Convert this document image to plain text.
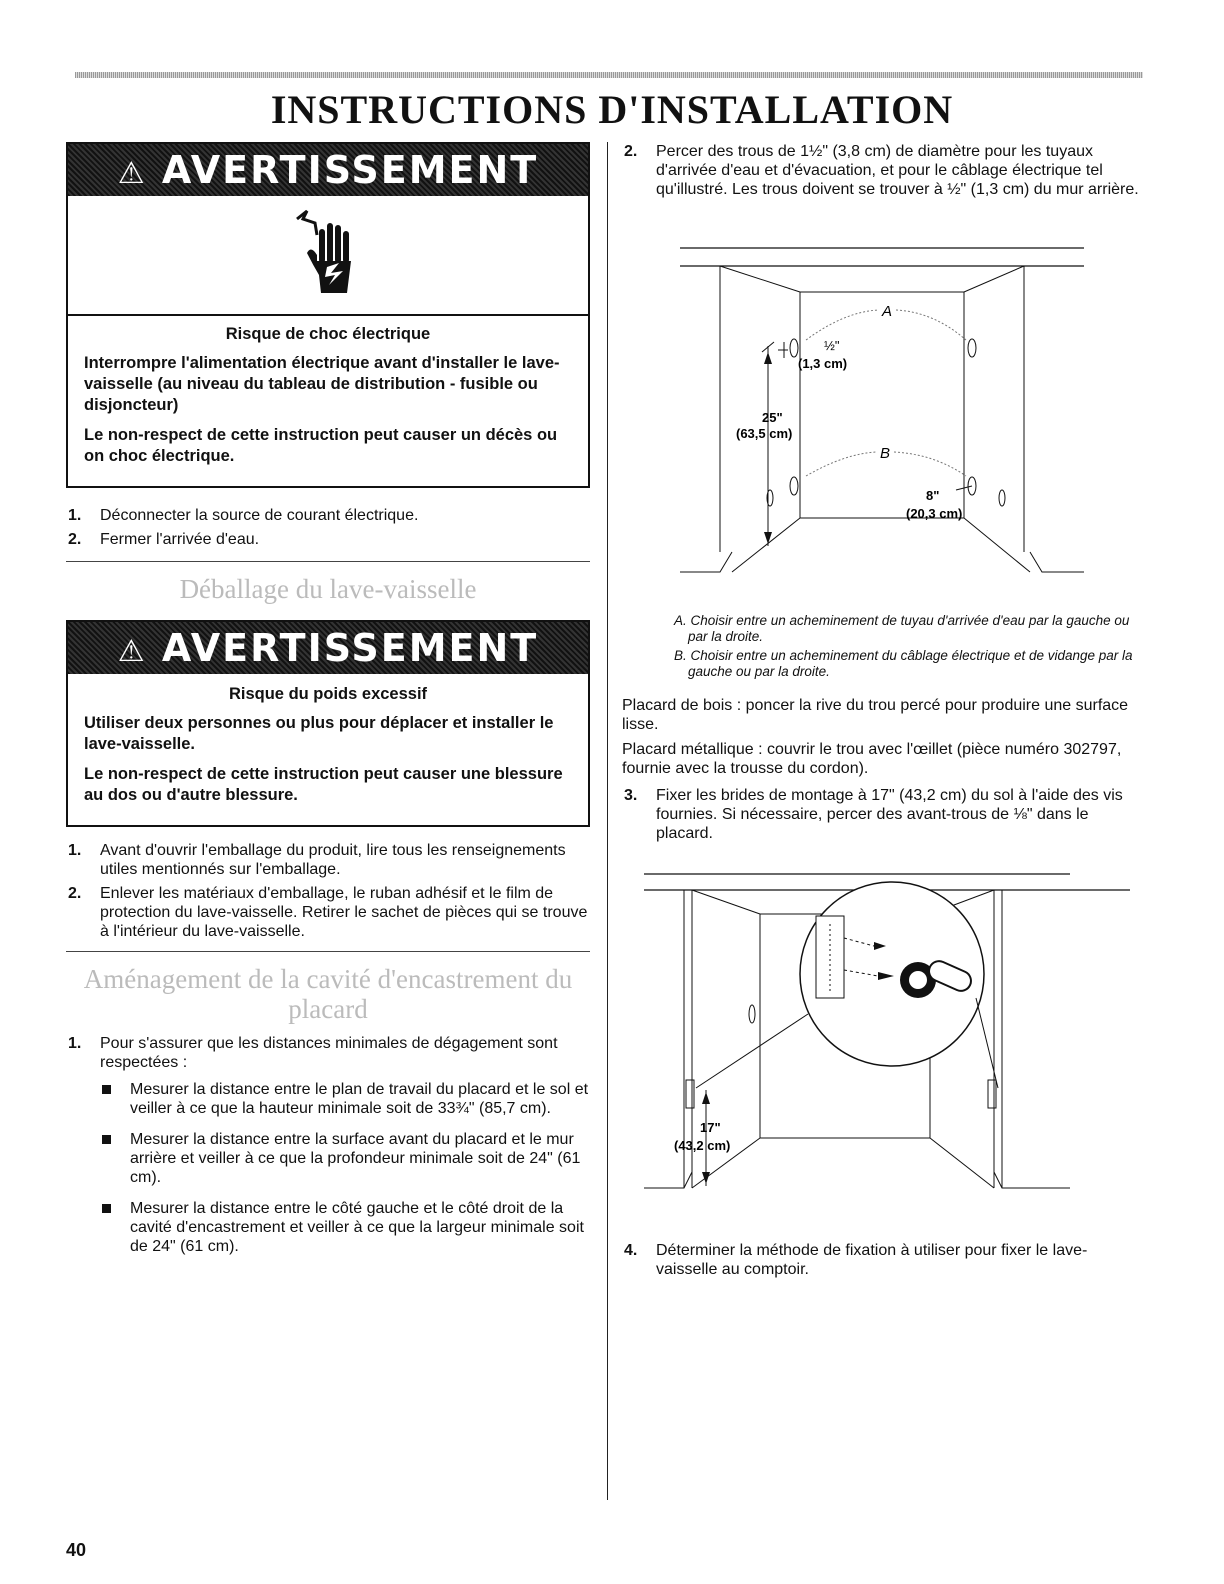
INSTRUCTIONS D'INSTALLATION
⚠ AVERTISSEMENT
Risque de choc électrique

Interrompre l'alimentation électrique avant d'installer le lave-vaisselle (au niveau du tableau de distribution - fusible ou disjoncteur)

Le non-respect de cette instruction peut causer un décès ou on choc électrique.

1. Déconnecter la source de courant électrique.
2. Fermer l'arrivée d'eau.
Déballage du lave-vaisselle
⚠ AVERTISSEMENT
Risque du poids excessif

Utiliser deux personnes ou plus pour déplacer et installer le lave-vaisselle.

Le non-respect de cette instruction peut causer une blessure au dos ou d'autre blessure.

1. Avant d'ouvrir l'emballage du produit, lire tous les renseignements utiles mentionnés sur l'emballage.
2. Enlever les matériaux d'emballage, le ruban adhésif et le film de protection du lave-vaisselle. Retirer le sachet de pièces qui se trouve à l'intérieur du lave-vaisselle.
Aménagement de la cavité d'encastrement du placard
1. Pour s'assurer que les distances minimales de dégagement sont respectées :
Mesurer la distance entre le plan de travail du placard et le sol et veiller à ce que la hauteur minimale soit de 33¾" (85,7 cm).
Mesurer la distance entre la surface avant du placard et le mur arrière et veiller à ce que la profondeur minimale soit de 24" (61 cm).
Mesurer la distance entre le côté gauche et le côté droit de la cavité d'encastrement et veiller à ce que la largeur minimale soit de 24" (61 cm).
2. Percer des trous de 1½" (3,8 cm) de diamètre pour les tuyaux d'arrivée d'eau et d'évacuation, et pour le câblage électrique tel qu'illustré. Les trous doivent se trouver à ½" (1,3 cm) du mur arrière.
A
B
½"
(1,3 cm)
25"
(63,5 cm)
8"
(20,3 cm)
A. Choisir entre un acheminement de tuyau d'arrivée d'eau par la gauche ou par la droite.
B. Choisir entre un acheminement du câblage électrique et de vidange par la gauche ou par la droite.

Placard de bois : poncer la rive du trou percé pour produire une surface lisse.

Placard métallique : couvrir le trou avec l'œillet (pièce numéro 302797, fournie avec la trousse du cordon).

3. Fixer les brides de montage à 17" (43,2 cm) du sol à l'aide des vis fournies. Si nécessaire, percer des avant-trous de ⅛" dans le placard.
17"
(43,2 cm)
4. Déterminer la méthode de fixation à utiliser pour fixer le lave-vaisselle au comptoir.
40
